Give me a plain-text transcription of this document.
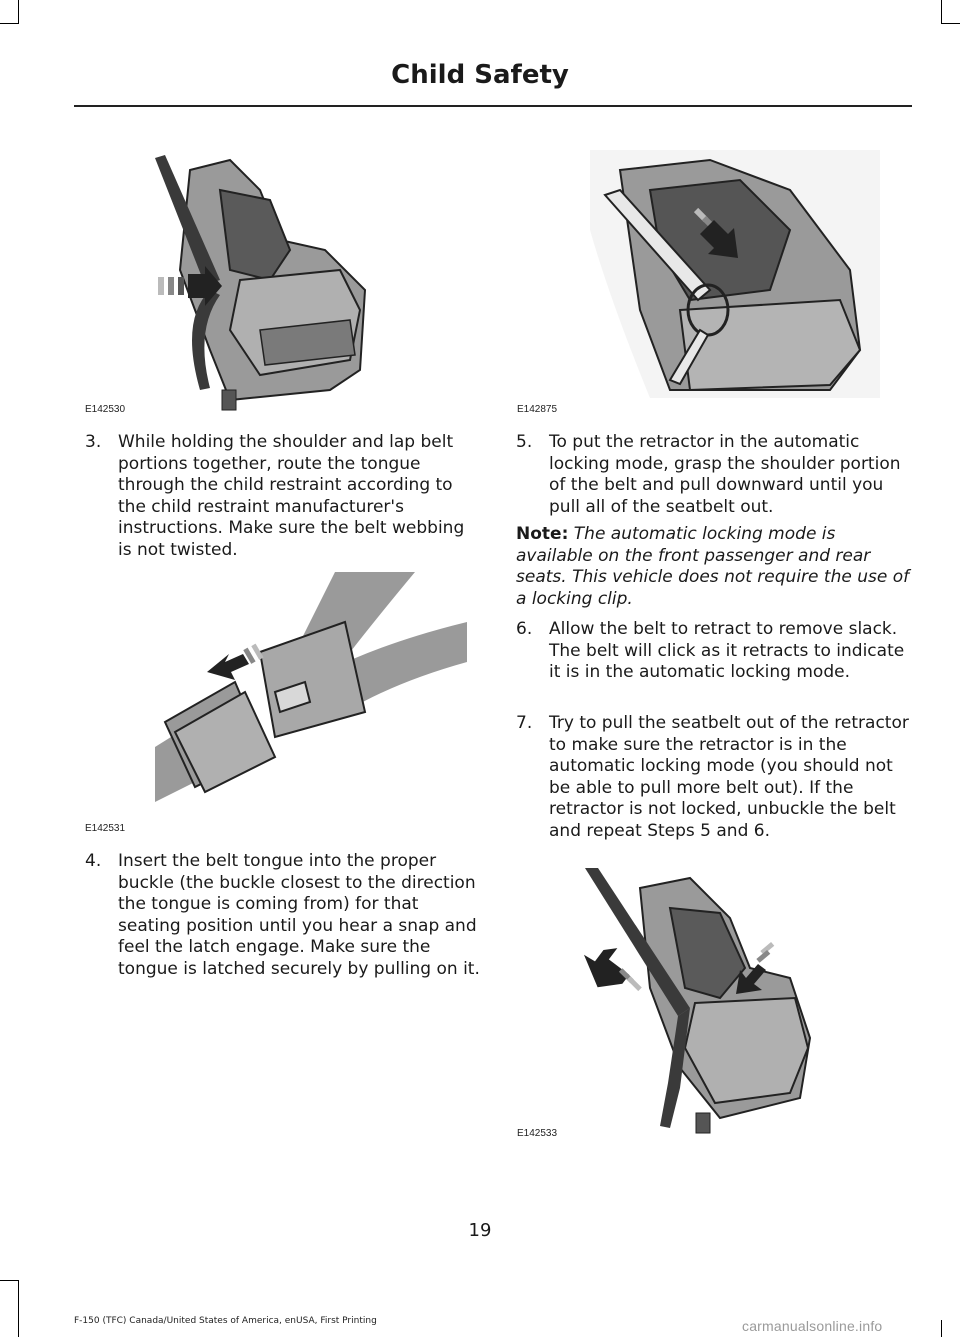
Child Safety
E142530	E142875
3. While holding the shoulder and lap belt portions together, route the tongue through the child restraint according to the child restraint manufacturer's instructions. Make sure the belt webbing is not twisted.
E142531
4. Insert the belt tongue into the proper buckle (the buckle closest to the direction the tongue is coming from) for that seating position until you hear a snap and feel the latch engage. Make sure the tongue is latched securely by pulling on it.
5. To put the retractor in the automatic locking mode, grasp the shoulder portion of the belt and pull downward until you pull all of the seatbelt out.
Note: The automatic locking mode is available on the front passenger and rear seats. This vehicle does not require the use of a locking clip.
6. Allow the belt to retract to remove slack. The belt will click as it retracts to indicate it is in the automatic locking mode.
7. Try to pull the seatbelt out of the retractor to make sure the retractor is in the automatic locking mode (you should not be able to pull more belt out). If the retractor is not locked, unbuckle the belt and repeat Steps 5 and 6.
E142533
19
F-150 (TFC) Canada/United States of America, enUSA, First Printing	carmanualsonline.info
